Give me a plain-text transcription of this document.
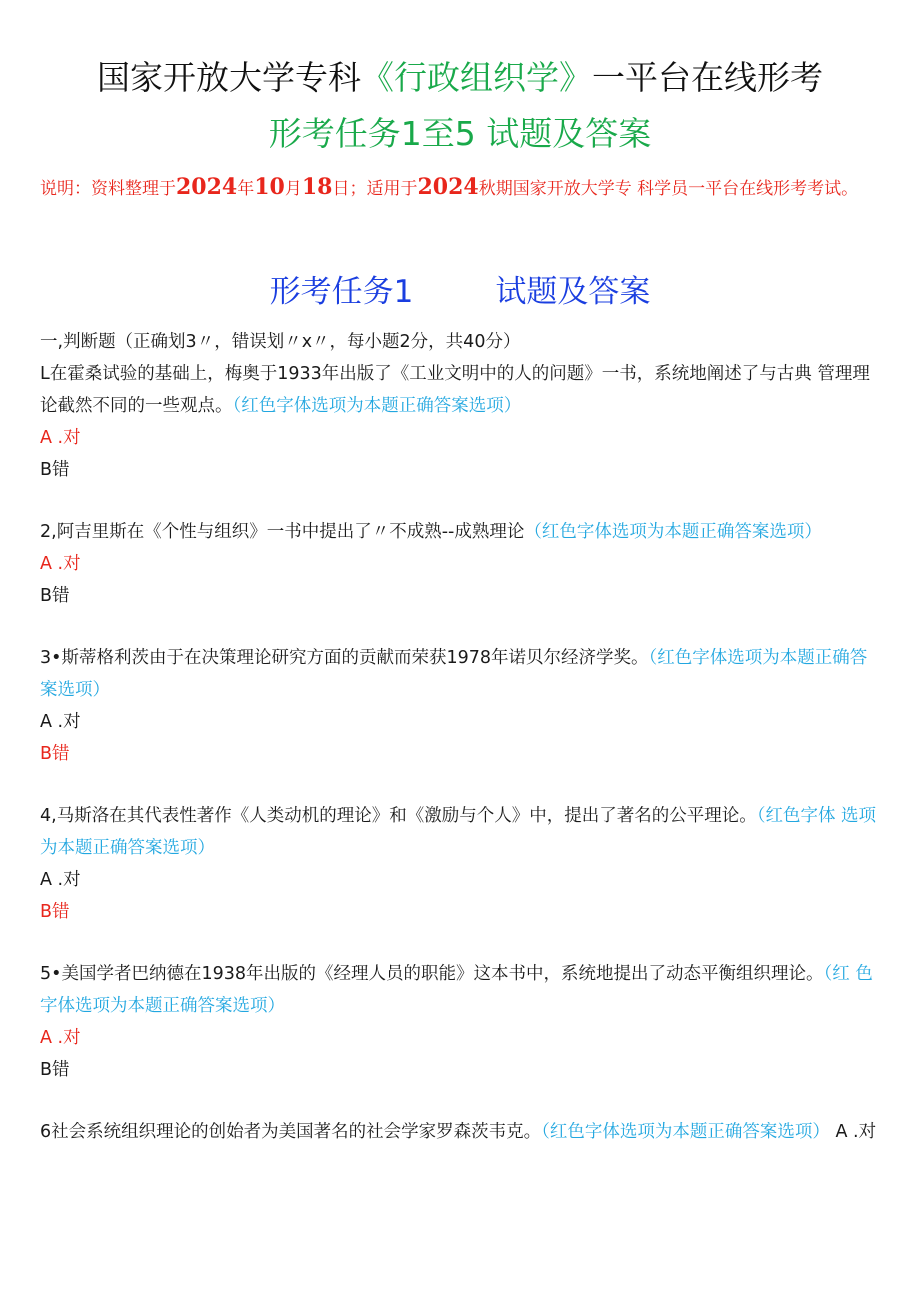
国家开放大学专科《行政组织学》一平台在线形考
形考任务1至5 试题及答案
说明：资料整理于2024年10月18日；适用于2024秋期国家开放大学专 科学员一平台在线形考考试。
形考任务1	试题及答案
一,判断题（正确划3〃，错误划〃x〃，每小题2分，共40分）
L在霍桑试验的基础上，梅奥于1933年出版了《工业文明中的人的问题》一书，系统地阐述了与古典 管理理论截然不同的一些观点。（红色字体选项为本题正确答案选项）
A .对
B错
2,阿吉里斯在《个性与组织》一书中提出了〃不成熟--成熟理论（红色字体选项为本题正确答案选项）
A .对
B错
3•斯蒂格利茨由于在决策理论研究方面的贡献而荣获1978年诺贝尔经济学奖。（红色字体选项为本题正确答案选项）
A .对
B错
4,马斯洛在其代表性著作《人类动机的理论》和《激励与个人》中，提出了著名的公平理论。（红色字体 选项为本题正确答案选项）
A .对
B错
5•美国学者巴纳德在1938年出版的《经理人员的职能》这本书中，系统地提出了动态平衡组织理论。（红 色字体选项为本题正确答案选项）
A .对
B错
6社会系统组织理论的创始者为美国著名的社会学家罗森茨韦克。（红色字体选项为本题正确答案选项） A .对
